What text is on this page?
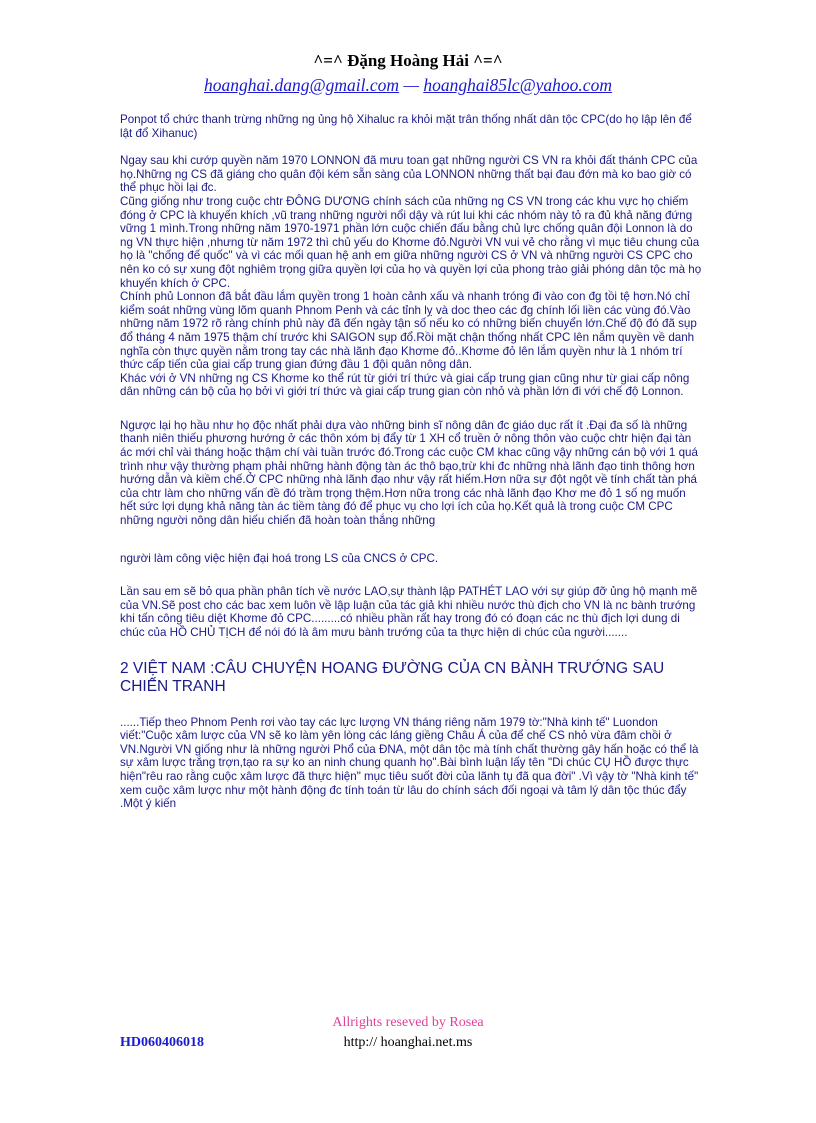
^=^ Đặng Hoàng Hải ^=^
hoanghai.dang@gmail.com — hoanghai85lc@yahoo.com

Ponpot tổ chức thanh trừng những ng ủng hộ Xihaluc ra khỏi mặt trân thống nhất dân tộc CPC(do họ lập lên để lật đổ Xihanuc)

Ngay sau khi cướp quyền năm 1970 LONNON đã mưu toan gạt những người CS VN ra khỏi đất thánh CPC của họ.Những ng CS đã giáng cho quân đội kém sẵn sàng của LONNON những thất bại đau đớn mà ko bao giờ có thể phục hồi lại đc.

Cũng giống như trong cuộc chtr ĐÔNG DƯƠNG chính sách của những ng CS VN trong các khu vực họ chiếm đóng ở CPC là khuyến khích ,vũ trang những người nổi dậy và rút lui khi các nhóm này tỏ ra đủ khả năng đứng vững 1 mình.Trong những năm 1970-1971 phần lớn cuộc chiến đấu bằng chủ lực chống quân đội Lonnon là do ng VN thực hiện ,nhưng từ năm 1972 thì chủ yếu do Khơme đỏ.Người VN vui vẻ cho rằng vì mục tiêu chung của họ là "chống đế quốc" và vì các mối quan hệ anh em giữa những người CS ở VN và những người CS CPC cho nên ko có sự xung đột nghiêm trọng giữa quyền lợi của họ và quyền lợi của phong trào giải phóng dân tộc mà họ khuyến khích ở CPC.

Chính phủ Lonnon đã bắt đầu lắm quyền trong 1 hoàn cảnh xấu và nhanh tróng đi vào con đg tồi tệ hơn.Nó chỉ kiểm soát những vùng lõm quanh Phnom Penh và các tỉnh lỵ và doc theo các đg chính lối liền các vùng đó.Vào những năm 1972 rõ ràng chính phủ này đã đến ngày tận số nếu ko có những biến chuyển lớn.Chế độ đó đã sụp đổ tháng 4 năm 1975 thậm chí trước khi SAIGON sụp đổ.Rồi mặt chận thống nhất CPC lên nắm quyền về danh nghĩa còn thực quyền nằm trong tay các nhà lãnh đạo Khơme đỏ..Khơme đỏ lên lắm quyền như là 1 nhóm trí thức cấp tiến của giai cấp trung gian đứng đầu 1 đội quân nông dân.

Khác với ở VN những ng CS Khơme ko thể rút từ giới trí thức và giai cấp trung gian cũng như từ giai cấp nông dân những cán bộ của họ bởi vì giới trí thức và giai cấp trung gian còn nhỏ và phần lớn đi với chế độ Lonnon.

Ngược lại họ hầu như họ độc nhất phải dựa vào những binh sĩ nông dân đc giáo dục rất ít .Đại đa số là những thanh niên thiếu phương hướng ở các thôn xóm bị đẩy từ 1 XH cổ truền ở nông thôn vào cuộc chtr hiện đại tàn ác mới chỉ vài tháng hoặc thậm chí vài tuần trước đó.Trong các cuộc CM khac cũng vậy những cán bộ với 1 quá trình như vậy thường phạm phải những hành động tàn ác thô bạo,trừ khi đc những nhà lãnh đạo tinh thông hơn hướng dẫn và kiềm chế.Ở CPC những nhà lãnh đạo như vậy rất hiếm.Hơn nữa sự đột ngột về tính chất tàn phá của chtr làm cho những vấn đề đó trầm trọng thệm.Hơn nữa trong các nhà lãnh đạo Khơ me đỏ 1 số ng muốn hết sức lợi dụng khả năng tàn ác tiềm tàng đó để phục vụ cho lợi ích của họ.Kết quả là trong cuộc CM CPC những người nông dân hiếu chiến đã hoàn toàn thắng những

người làm công việc hiện đại hoá trong LS của CNCS ở CPC.

Lần sau em sẽ bỏ qua phần phân tích về nước LAO,sự thành lập PATHÉT LAO với sự giúp đỡ ủng hộ mạnh mẽ của VN.Sẽ post cho các bac xem luôn về lập luận của tác giả khi nhiều nước thù địch cho VN là nc bành trướng khi tấn công tiêu diệt Khơme đỏ CPC.........có nhiều phần rất hay trong đó có đoạn các nc thù địch lợi dung di chúc của HỒ CHỦ TỊCH để nói đó là âm mưu bành trướng của ta thực hiện di chúc của người.......

2 VIỆT NAM :CÂU CHUYỆN HOANG ĐƯỜNG CỦA CN BÀNH TRƯỚNG SAU CHIẾN TRANH

......Tiếp theo Phnom Penh rơi vào tay các lực lượng VN tháng riêng năm 1979 tờ:"Nhà kinh tế" Luondon viết:"Cuộc xâm lược của VN sẽ ko làm yên lòng các láng giềng Châu Á của để chế CS nhỏ vừa đâm chồi ở VN.Người VN giống như là những người Phổ của ĐNA, một dân tộc mà tính chất thường gây hấn hoặc có thể là sự xâm lược trắng trợn,tạo ra sự ko an ninh chung quanh họ".Bài bình luận lấy tên "Di chúc CỤ HỒ được thực hiện"rêu rao rằng cuộc xâm lược đã thực hiện" mục tiêu suốt đời của lãnh tụ đã qua đời" .Vì vậy tờ "Nhà kinh tế" xem cuộc xâm lược như một hành động đc tính toán từ lâu do chính sách đối ngoại và tâm lý dân tộc thúc đẩy .Một ý kiến

Allrights reseved by Rosea
HD060406018	http:// hoanghai.net.ms
